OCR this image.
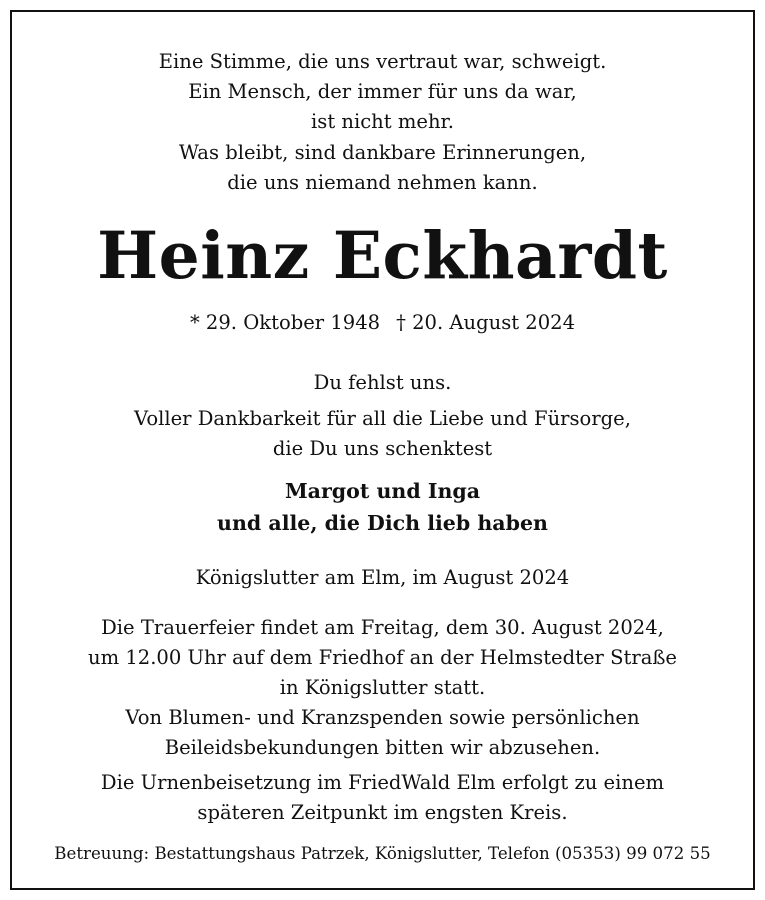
Eine Stimme, die uns vertraut war, schweigt.
Ein Mensch, der immer für uns da war,
ist nicht mehr.
Was bleibt, sind dankbare Erinnerungen,
die uns niemand nehmen kann.
Heinz Eckhardt
* 29. Oktober 1948 † 20. August 2024
Du fehlst uns.
Voller Dankbarkeit für all die Liebe und Fürsorge,
die Du uns schenktest
Margot und Inga
und alle, die Dich lieb haben
Königslutter am Elm, im August 2024
Die Trauerfeier findet am Freitag, dem 30. August 2024,
um 12.00 Uhr auf dem Friedhof an der Helmstedter Straße
in Königslutter statt.
Von Blumen- und Kranzspenden sowie persönlichen
Beileidsbekundungen bitten wir abzusehen.
Die Urnenbeisetzung im FriedWald Elm erfolgt zu einem
späteren Zeitpunkt im engsten Kreis.
Betreuung: Bestattungshaus Patrzek, Königslutter, Telefon (05353) 99 072 55
